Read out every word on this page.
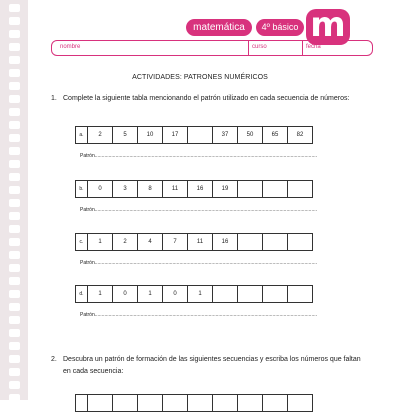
matemática	4º básico m
nombre	curso	fecha
ACTIVIDADES: PATRONES NUMÉRICOS
1. Complete la siguiente tabla mencionando el patrón utilizado en cada secuencia de números:
a.	2	5	10	17		37	50	65	82
Patrón................................................................................................................................................................
b.	0	3	8	11	16	19			
Patrón................................................................................................................................................................
c.	1	2	4	7	11	16			
Patrón................................................................................................................................................................
d.	1	0	1	0	1				
Patrón................................................................................................................................................................
2. Descubra un patrón de formación de las siguientes secuencias y escriba los números que faltan en cada secuencia:
